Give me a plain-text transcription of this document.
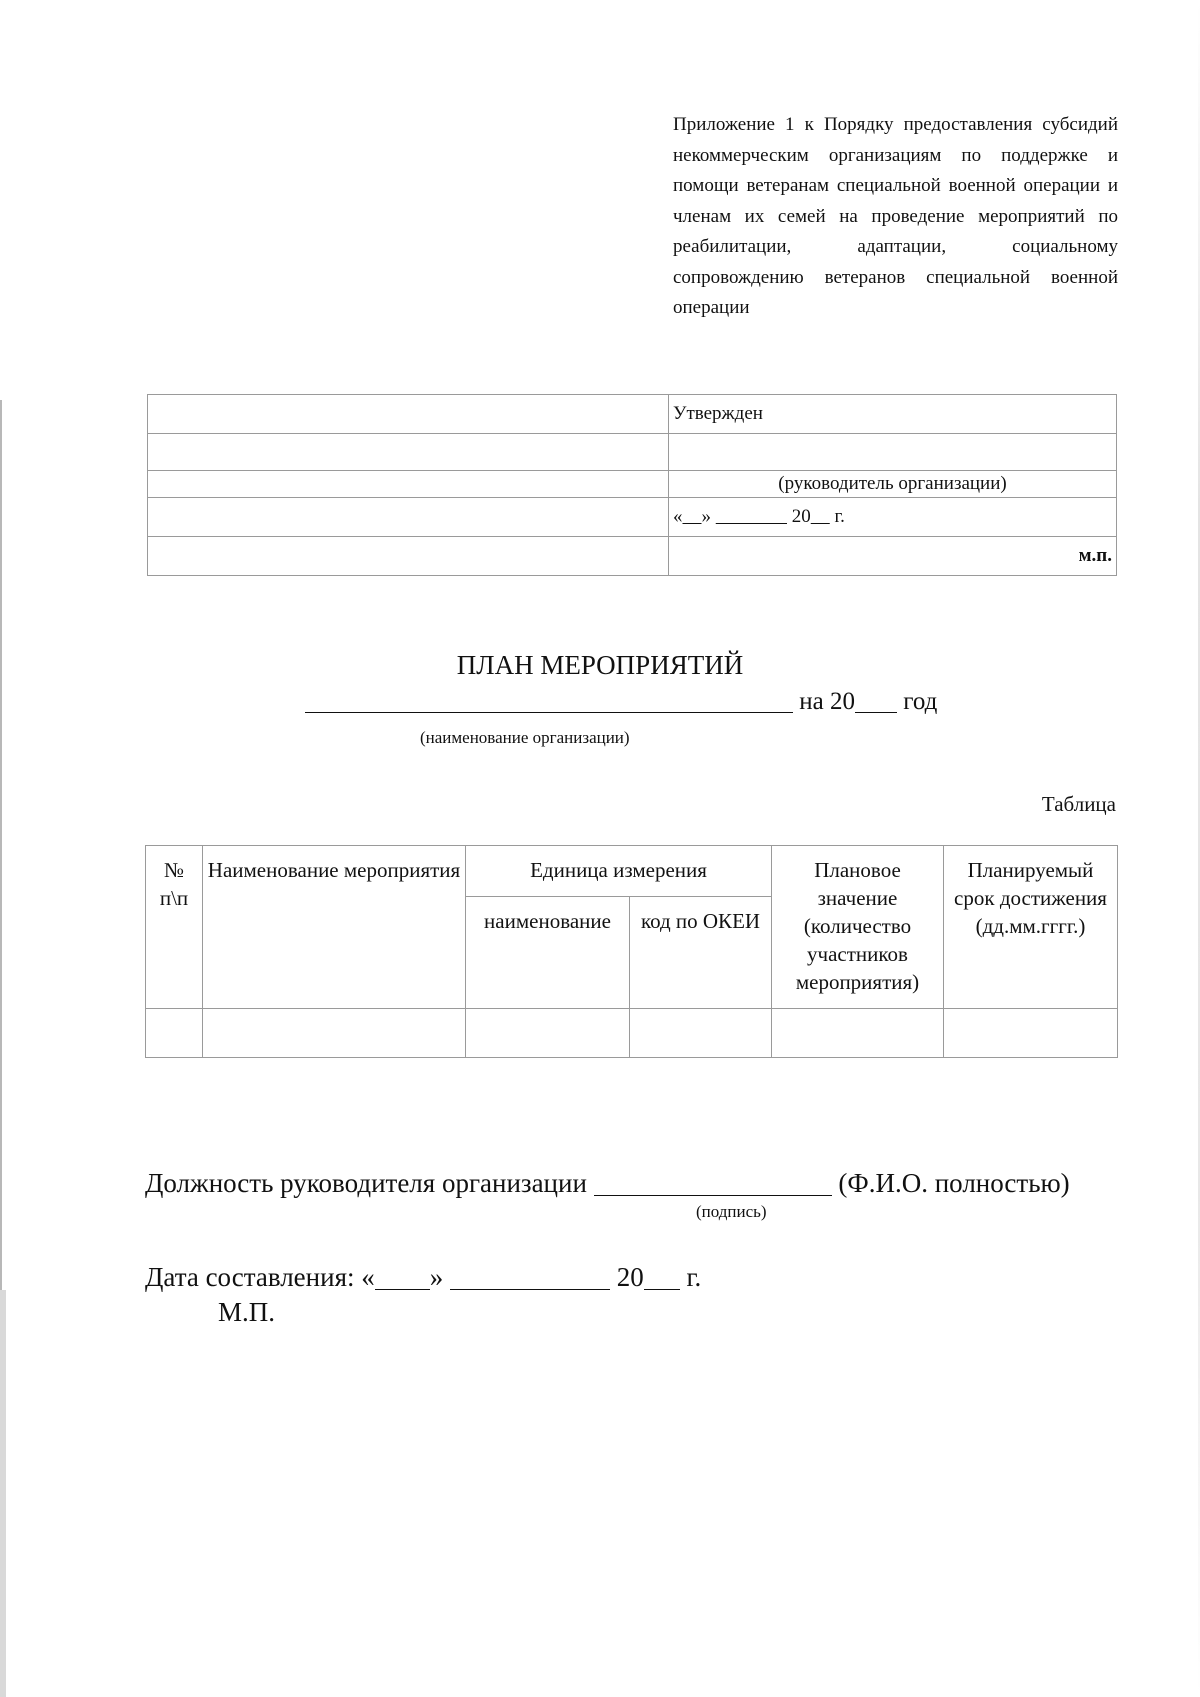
Приложение 1 к Порядку предоставления субсидий некоммерческим организациям по поддержке и помощи ветеранам специальной военной операции и членам их семей на проведение мероприятий по реабилитации, адаптации, социальному сопровождению ветеранов специальной военной операции
	Утвержден

	(руководитель организации)
	« » 20 г.
	м.п.
ПЛАН МЕРОПРИЯТИЙ
на 20 год
(наименование организации)
Таблица
№ п\п	Наименование мероприятия	Единица измерения		Плановое значение (количество участников мероприятия)	Планируемый срок достижения (дд.мм.гггг.)
		наименование	код по ОКЕИ		

Должность руководителя организации	(Ф.И.О. полностью)
(подпись)
Дата составления: « »	20 г.
М.П.
